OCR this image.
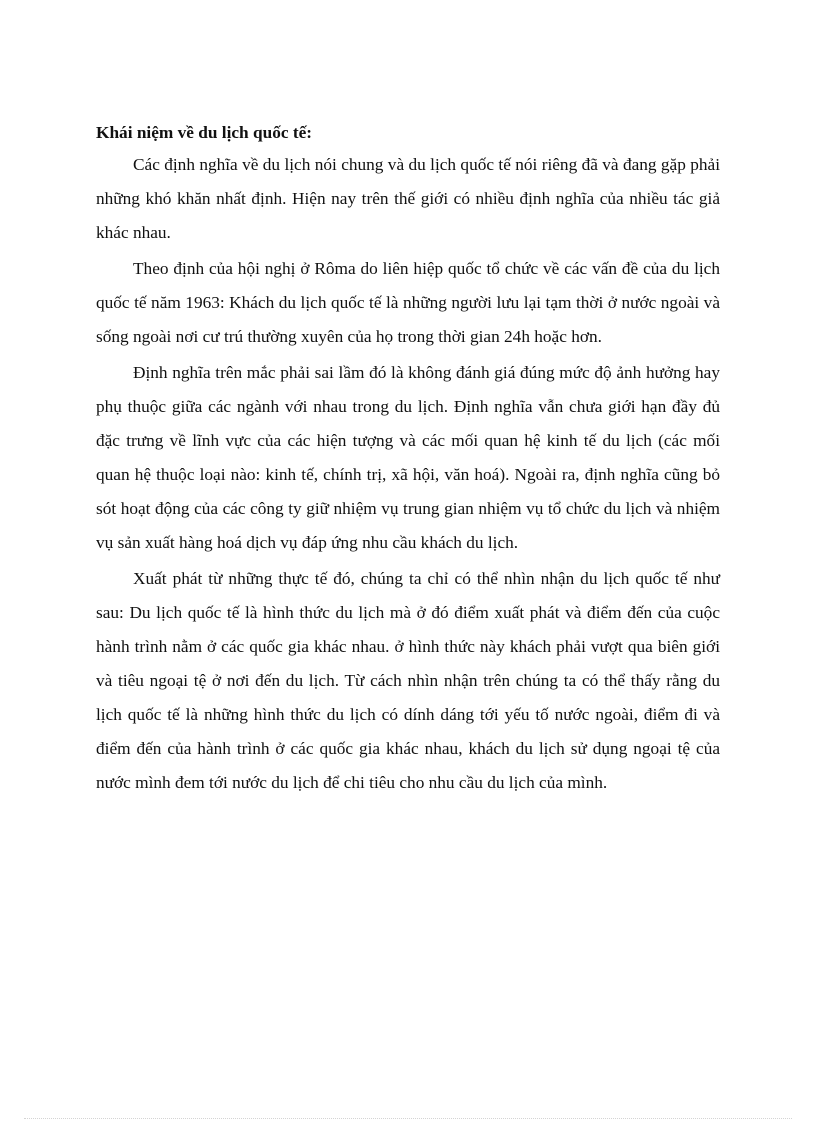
Khái niệm về du lịch quốc tế:

Các định nghĩa về du lịch nói chung và du lịch quốc tế nói riêng đã và đang gặp phải những khó khăn nhất định. Hiện nay trên thế giới có nhiều định nghĩa của nhiều tác giả khác nhau.

Theo định của hội nghị ở Rôma do liên hiệp quốc tổ chức về các vấn đề của du lịch quốc tế năm 1963: Khách du lịch quốc tế là những người lưu lại tạm thời ở nước ngoài và sống ngoài nơi cư trú thường xuyên của họ trong thời gian 24h hoặc hơn.

Định nghĩa trên mắc phải sai lầm đó là không đánh giá đúng mức độ ảnh hưởng hay phụ thuộc giữa các ngành với nhau trong du lịch. Định nghĩa vẫn chưa giới hạn đầy đủ đặc trưng về lĩnh vực của các hiện tượng và các mối quan hệ kinh tế du lịch (các mối quan hệ thuộc loại nào: kinh tế, chính trị, xã hội, văn hoá). Ngoài ra, định nghĩa cũng bỏ sót hoạt động của các công ty giữ nhiệm vụ trung gian nhiệm vụ tổ chức du lịch và nhiệm vụ sản xuất hàng hoá dịch vụ đáp ứng nhu cầu khách du lịch.

Xuất phát từ những thực tế đó, chúng ta chỉ có thể nhìn nhận du lịch quốc tế như sau: Du lịch quốc tế là hình thức du lịch mà ở đó điểm xuất phát và điểm đến của cuộc hành trình nằm ở các quốc gia khác nhau. ở hình thức này khách phải vượt qua biên giới và tiêu ngoại tệ ở nơi đến du lịch. Từ cách nhìn nhận trên chúng ta có thể thấy rằng du lịch quốc tế là những hình thức du lịch có dính dáng tới yếu tố nước ngoài, điểm đi và điểm đến của hành trình ở các quốc gia khác nhau, khách du lịch sử dụng ngoại tệ của nước mình đem tới nước du lịch để chi tiêu cho nhu cầu du lịch của mình.
